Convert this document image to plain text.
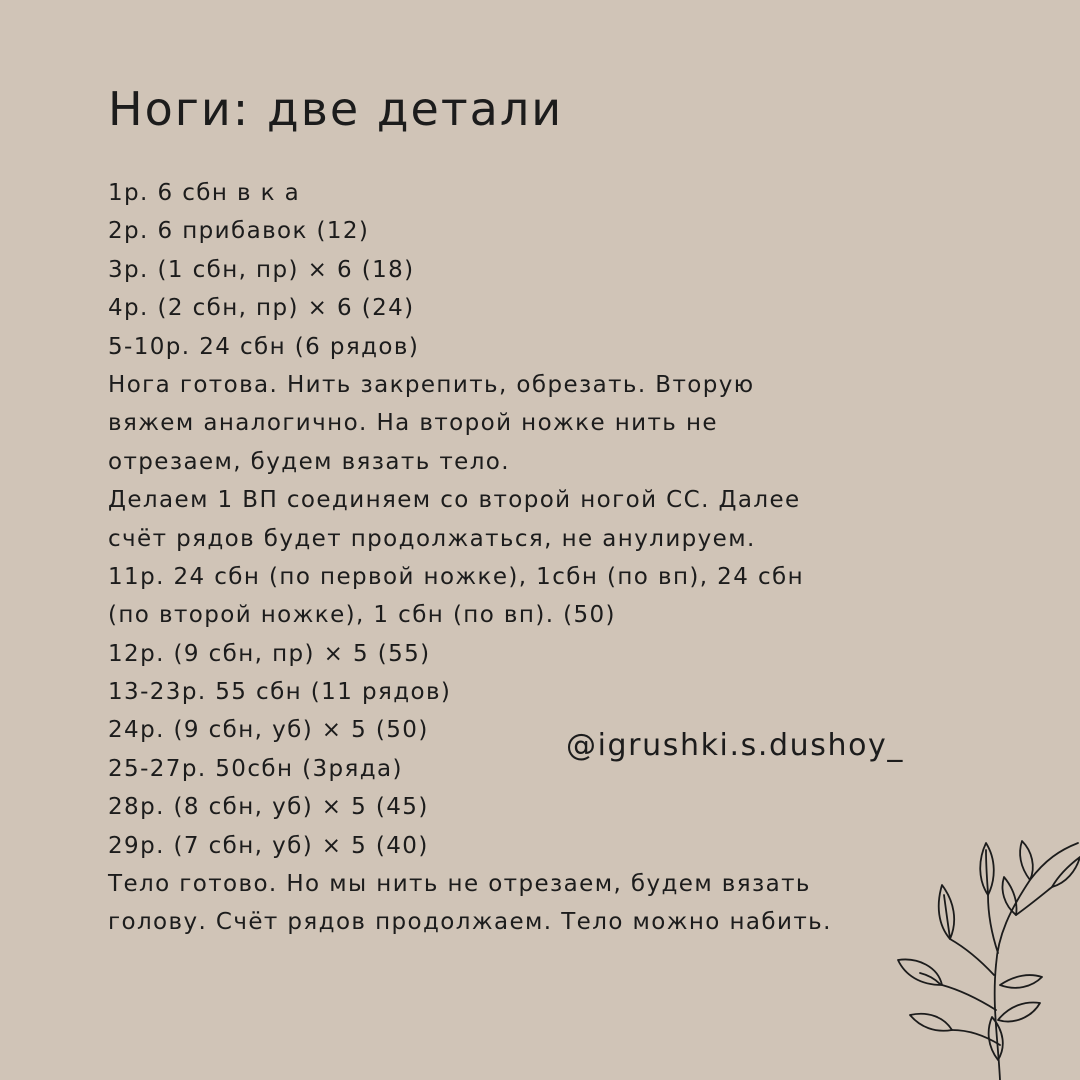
Ноги: две детали
1р. 6 сбн в к а
2р. 6 прибавок (12)
3р. (1 сбн, пр) × 6 (18)
4р. (2 сбн, пр) × 6 (24)
5-10р. 24 сбн (6 рядов)
Нога готова. Нить закрепить, обрезать. Вторую
вяжем аналогично. На второй ножке нить не
отрезаем, будем вязать тело.
Делаем 1 ВП соединяем со второй ногой СС. Далее
счёт рядов будет продолжаться, не анулируем.
11р. 24 сбн (по первой ножке), 1сбн (по вп), 24 сбн
(по второй ножке), 1 сбн (по вп). (50)
12р. (9 сбн, пр) × 5 (55)
13-23р. 55 сбн (11 рядов)
24р. (9 сбн, уб) × 5 (50)
25-27р. 50сбн (3ряда)
28р. (8 сбн, уб) × 5 (45)
29р. (7 сбн, уб) × 5 (40)
Тело готово. Но мы нить не отрезаем, будем вязать
голову. Счёт рядов продолжаем. Тело можно набить.
@igrushki.s.dushoy_
